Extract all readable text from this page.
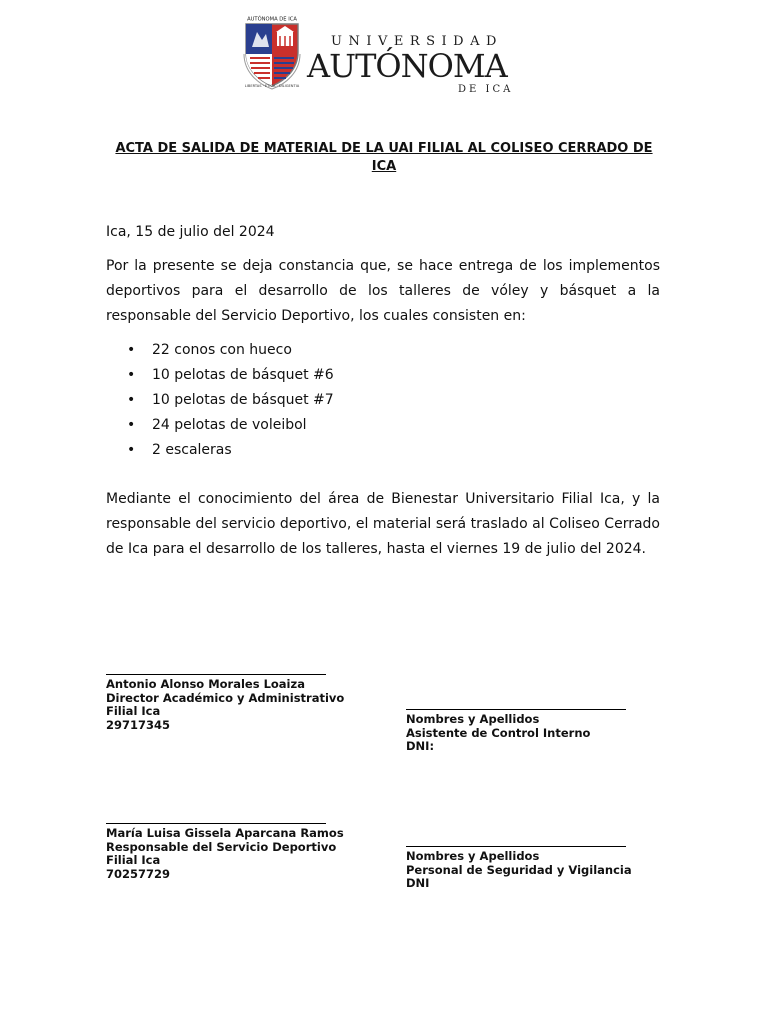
AUTÓNOMA DE ICA
LIBERTAS · ETICA · DILIGENTIA
UNIVERSIDAD
AUTÓNOMA
DE ICA
ACTA DE SALIDA DE MATERIAL DE LA UAI FILIAL AL COLISEO CERRADO DE ICA
Ica, 15 de julio del 2024
Por la presente se deja constancia que, se hace entrega de los implementos deportivos para el desarrollo de los talleres de vóley y básquet a la responsable del Servicio Deportivo, los cuales consisten en:
• 22 conos con hueco
• 10 pelotas de básquet #6
• 10 pelotas de básquet #7
• 24 pelotas de voleibol
• 2 escaleras
Mediante el conocimiento del área de Bienestar Universitario Filial Ica, y la responsable del servicio deportivo, el material será traslado al Coliseo Cerrado de Ica para el desarrollo de los talleres, hasta el viernes 19 de julio del 2024.
Antonio Alonso Morales Loaiza
Director Académico y Administrativo
Filial Ica
29717345	Nombres y Apellidos
Asistente de Control Interno
DNI:
María Luisa Gissela Aparcana Ramos
Responsable del Servicio Deportivo
Filial Ica
70257729
Nombres y Apellidos
Personal de Seguridad y Vigilancia
DNI
